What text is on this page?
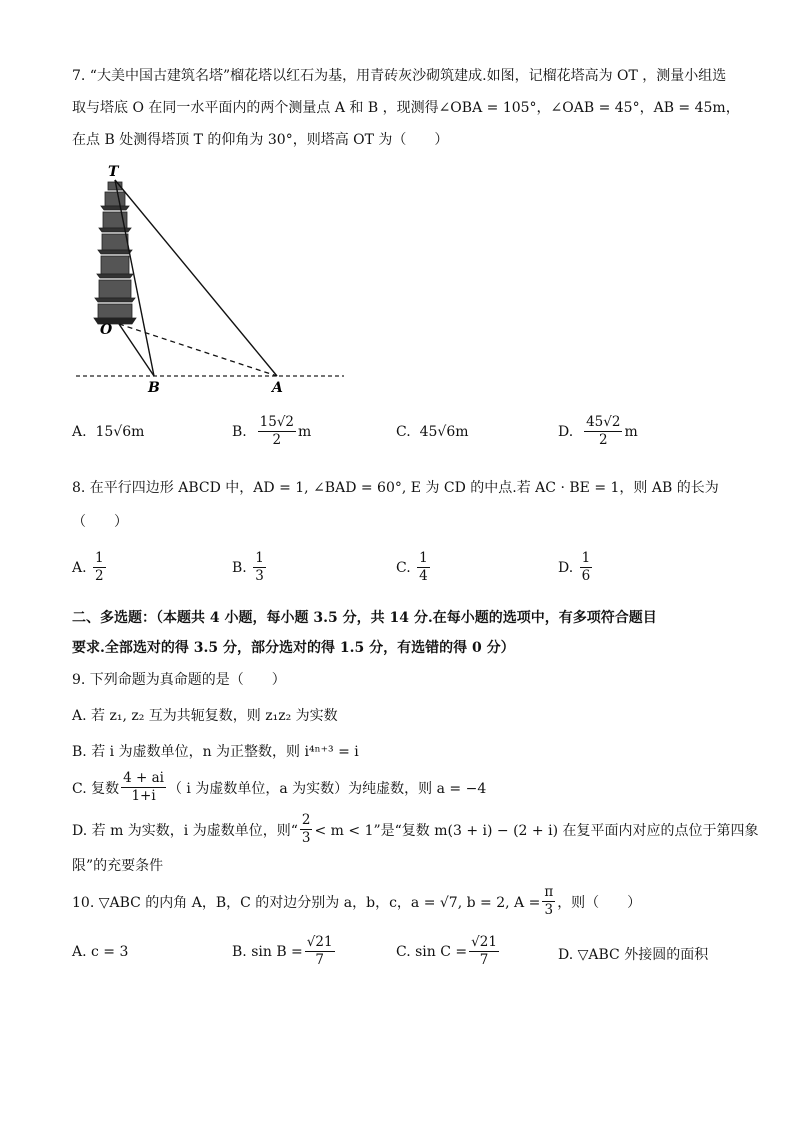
7. “大美中国古建筑名塔”榴花塔以红石为基，用青砖灰沙砌筑建成.如图，记榴花塔高为 OT ，测量小组选
取与塔底 O 在同一水平面内的两个测量点 A 和 B ，现测得∠OBA = 105°，∠OAB = 45°，AB = 45m，
在点 B 处测得塔顶 T 的仰角为 30°，则塔高 OT 为（　　）
T
O
B	A
A.
15√6m	B.
$\frac{15√2}{2}$ m	C.
45√6m	D.
$\frac{45√2}{2}$ m
8. 在平行四边形 ABCD 中，AD = 1, ∠BAD = 60°, E 为 CD 的中点.若 AC · BE = 1，则 AB 的长为
（　　）
A.
$\frac{1}{2}$	B.
$\frac{1}{3}$	C.
$\frac{1}{4}$	D.
$\frac{1}{6}$
二、多选题：（本题共 4 小题，每小题 3.5 分，共 14 分.在每小题的选项中，有多项符合题目
要求.全部选对的得 3.5 分，部分选对的得 1.5 分，有选错的得 0 分）
9. 下列命题为真命题的是（　　）
A. 若 z₁, z₂ 互为共轭复数，则 z₁z₂ 为实数
B. 若 i 为虚数单位，n 为正整数，则 i⁴ⁿ⁺³ = i
C. 复数 $\frac{4 + ai}{1+i}$ （ i 为虚数单位，a 为实数）为纯虚数，则 a = −4
D. 若 m 为实数，i 为虚数单位，则“ $\frac{2}{3} < m < 1$”是“复数 m(3 + i) − (2 + i) 在复平面内对应的点位于第四象
限”的充要条件
10. ▽ABC 的内角 A，B，C 的对边分别为 a，b，c，a = √7, b = 2, $A = \frac{\pi}{3}$ ，则（　　）
A. c = 3	B. $\sin B = \frac{√21}{7}$	C. $\sin C = \frac{√21}{7}$	D. ▽ABC 外接圆的面积
